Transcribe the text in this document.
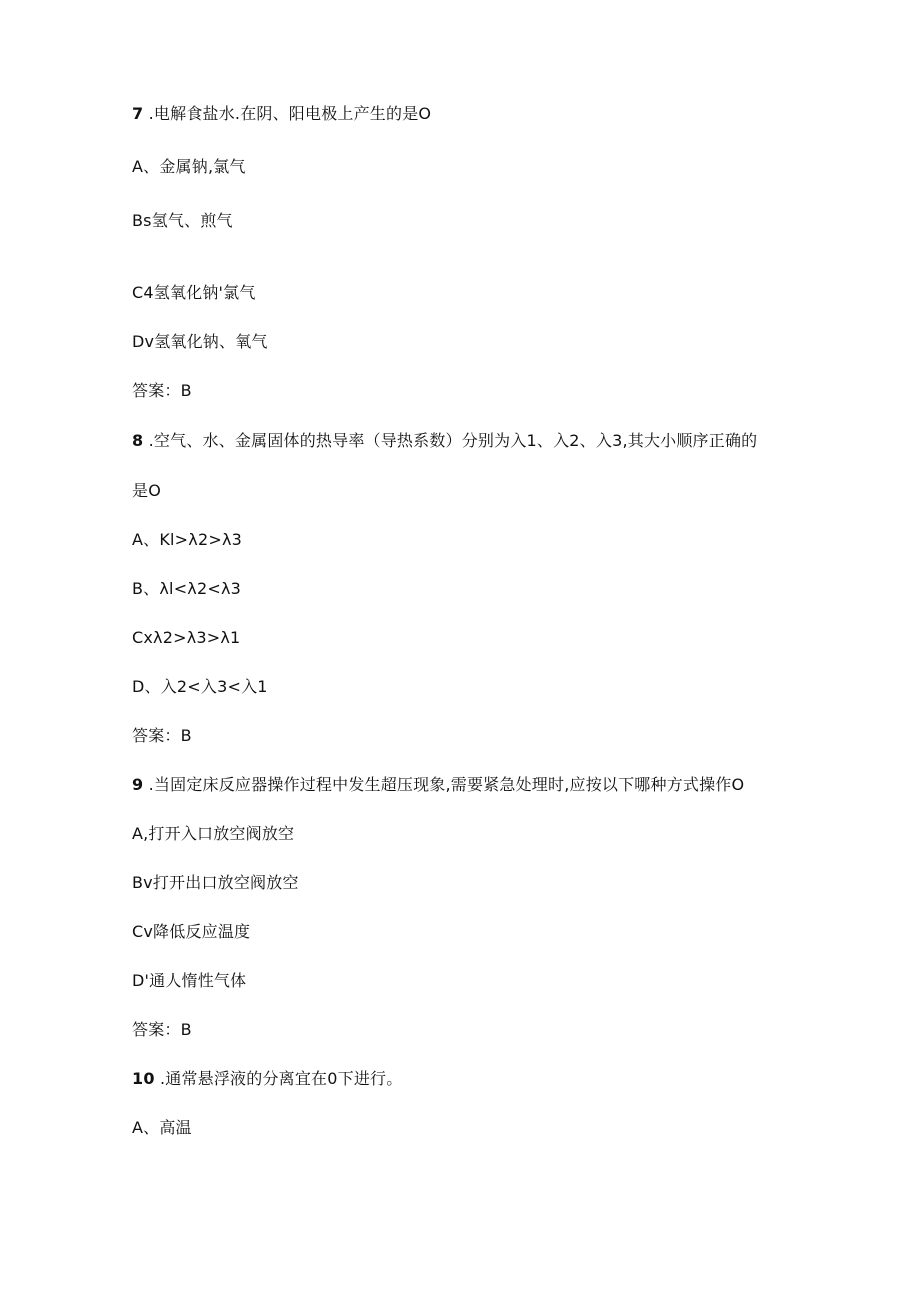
7 .电解食盐水.在阴、阳电极上产生的是O
A、金属钠,氯气
Bs氢气、煎气
C4氢氧化钠'氯气
Dv氢氧化钠、氧气
答案：B
8 .空气、水、金属固体的热导率（导热系数）分别为入1、入2、入3,其大小顺序正确的
是O
A、Kl>λ2>λ3
B、λl<λ2<λ3
Cxλ2>λ3>λ1
D、入2<入3<入1
答案：B
9 .当固定床反应器操作过程中发生超压现象,需要紧急处理时,应按以下哪种方式操作O
A,打开入口放空阀放空
Bv打开出口放空阀放空
Cv降低反应温度
D'通人惰性气体
答案：B
10 .通常悬浮液的分离宜在0下进行。
A、高温
